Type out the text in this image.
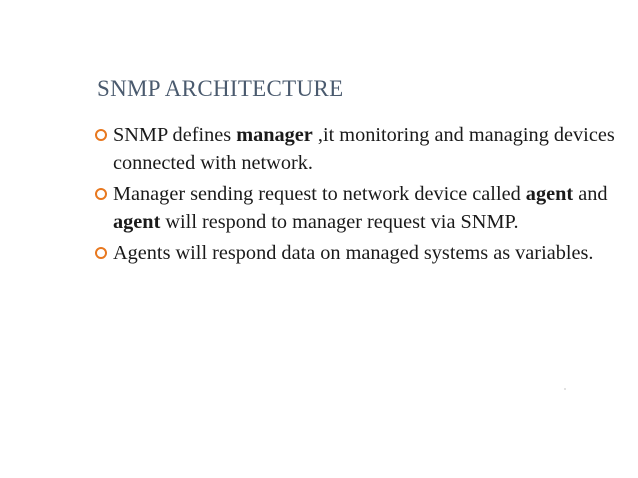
SNMP ARCHITECTURE
SNMP defines manager ,it monitoring and managing devices connected with network.
Manager sending request to network device called agent and agent will respond to manager request via SNMP.
Agents will respond data on managed systems as variables.
